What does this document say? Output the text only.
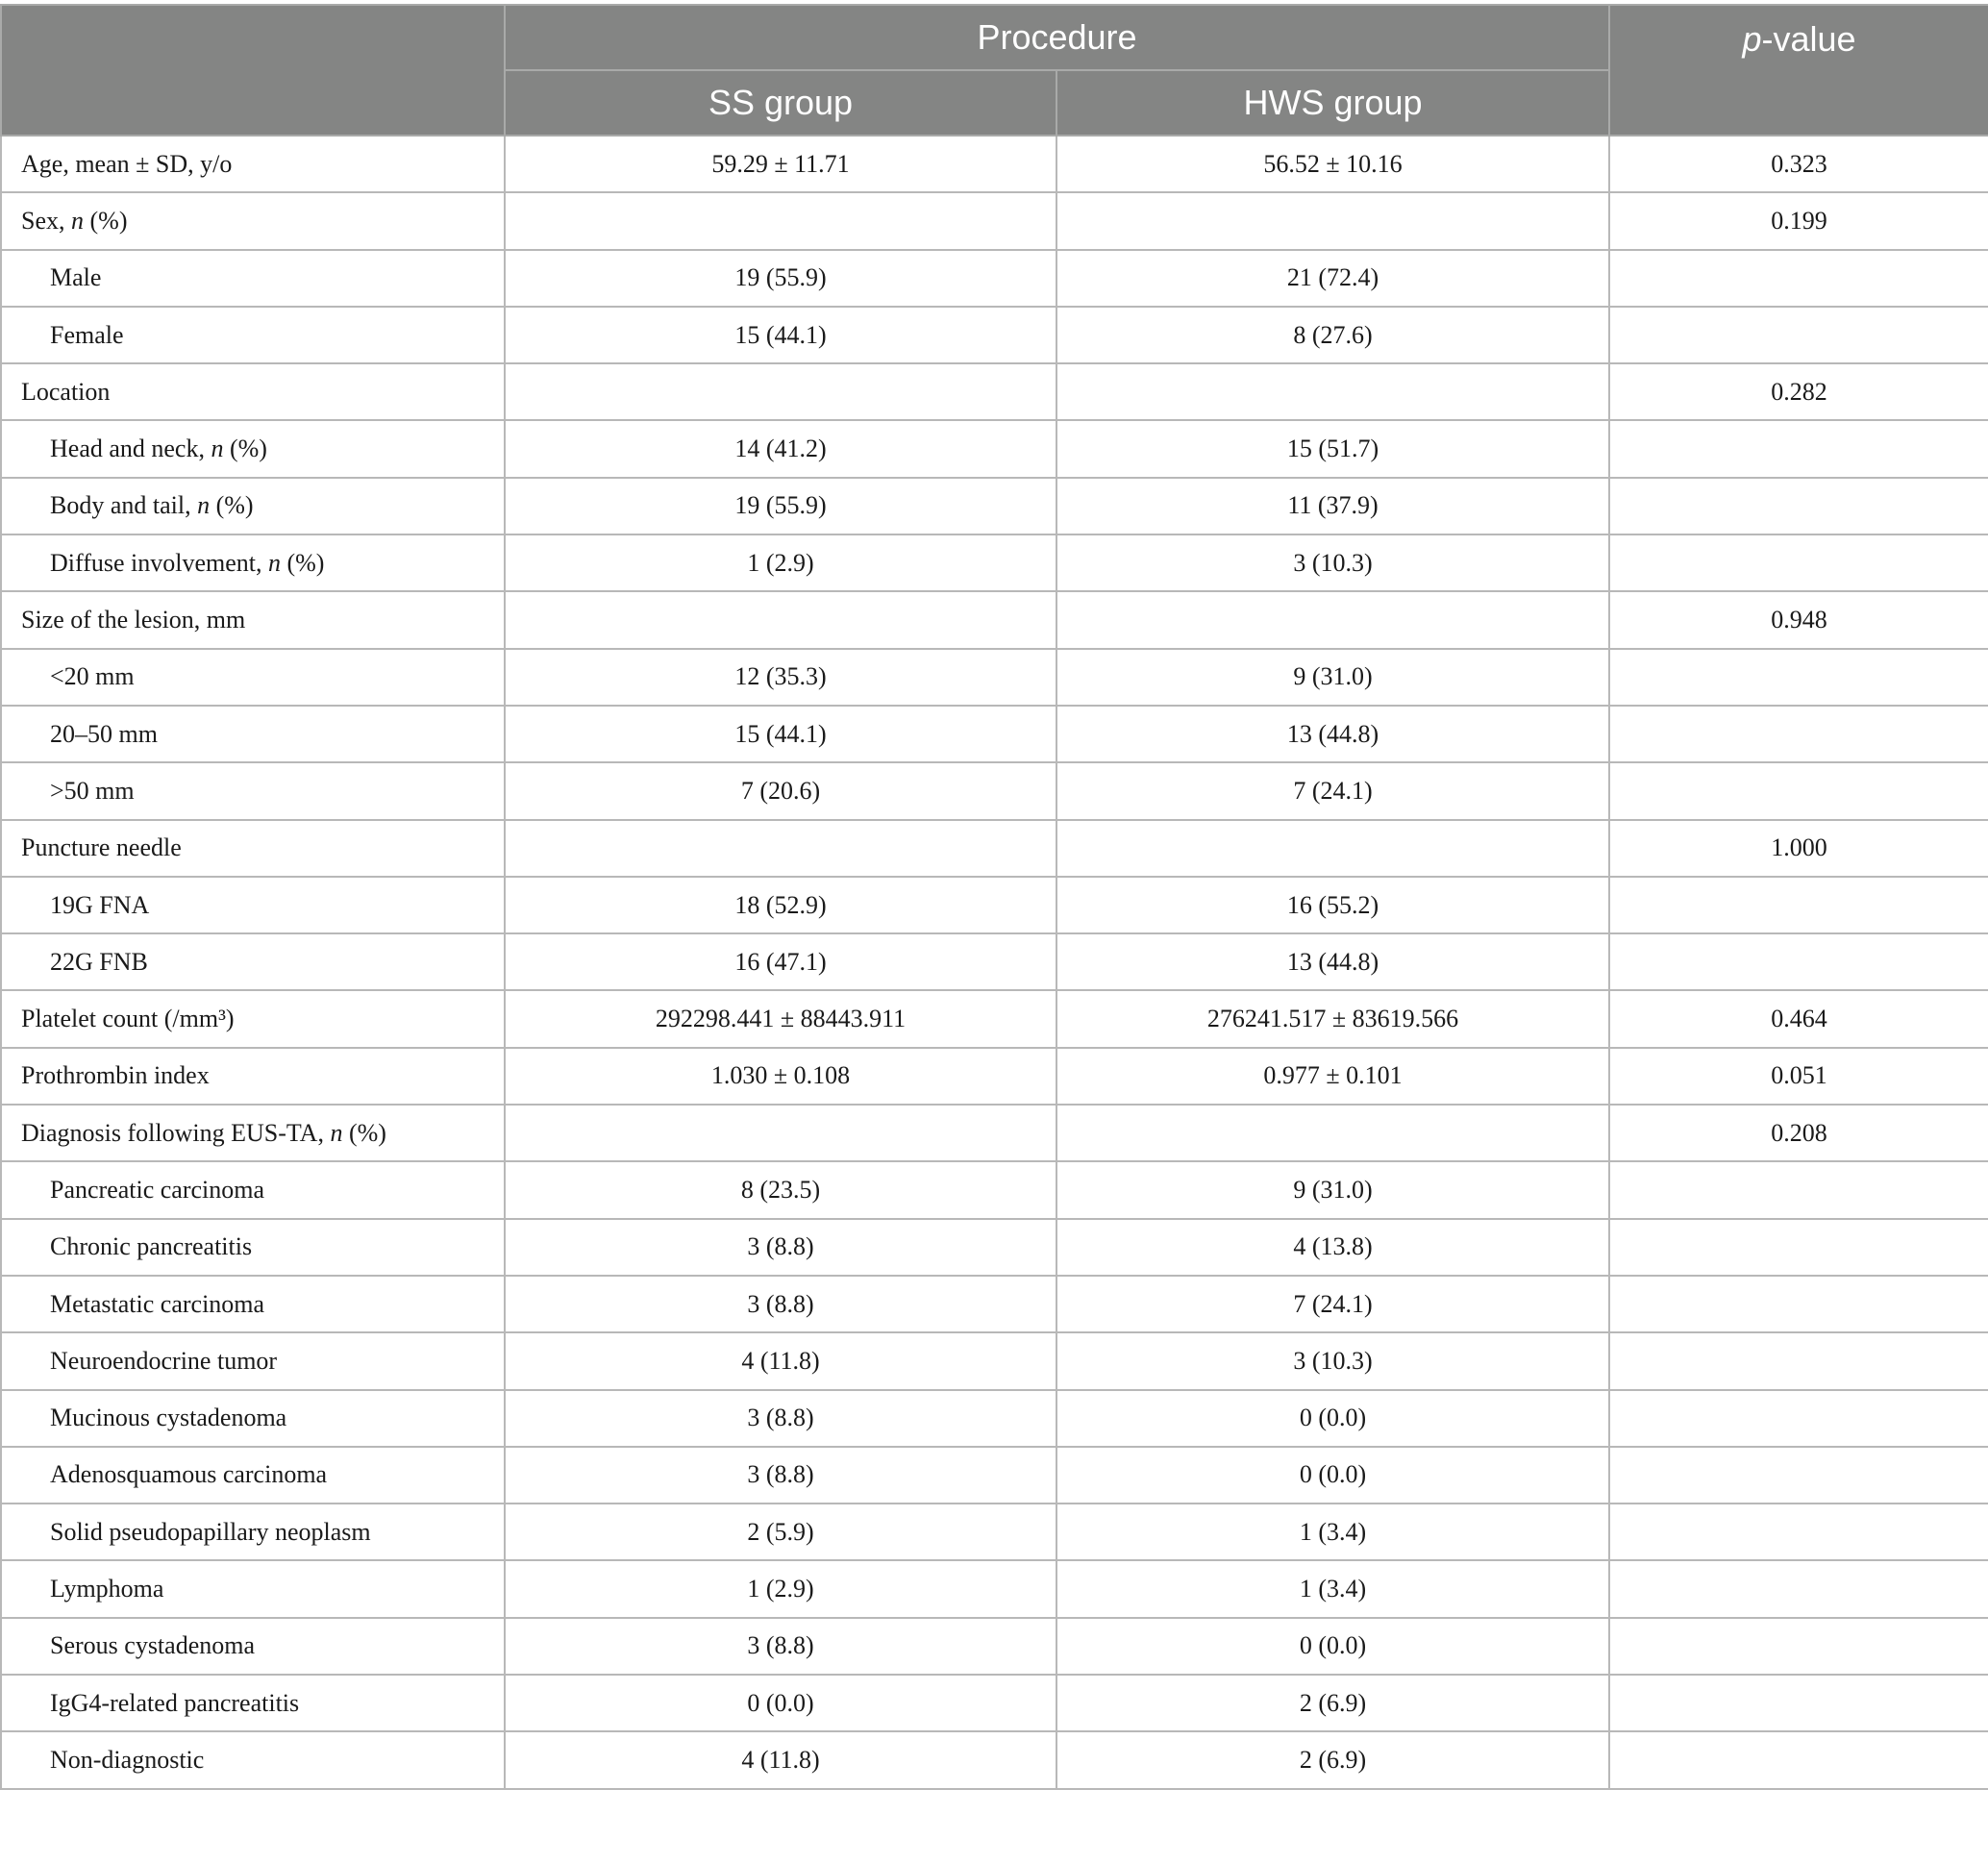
	Procedure		p-value
	SS group	HWS group	
Age, mean ± SD, y/o	59.29 ± 11.71	56.52 ± 10.16	0.323
Sex, n (%)			0.199
Male	19 (55.9)	21 (72.4)	
Female	15 (44.1)	8 (27.6)	
Location			0.282
Head and neck, n (%)	14 (41.2)	15 (51.7)	
Body and tail, n (%)	19 (55.9)	11 (37.9)	
Diffuse involvement, n (%)	1 (2.9)	3 (10.3)	
Size of the lesion, mm			0.948
<20 mm	12 (35.3)	9 (31.0)	
20–50 mm	15 (44.1)	13 (44.8)	
>50 mm	7 (20.6)	7 (24.1)	
Puncture needle			1.000
19G FNA	18 (52.9)	16 (55.2)	
22G FNB	16 (47.1)	13 (44.8)	
Platelet count (/mm³)	292298.441 ± 88443.911	276241.517 ± 83619.566	0.464
Prothrombin index	1.030 ± 0.108	0.977 ± 0.101	0.051
Diagnosis following EUS-TA, n (%)			0.208
Pancreatic carcinoma	8 (23.5)	9 (31.0)	
Chronic pancreatitis	3 (8.8)	4 (13.8)	
Metastatic carcinoma	3 (8.8)	7 (24.1)	
Neuroendocrine tumor	4 (11.8)	3 (10.3)	
Mucinous cystadenoma	3 (8.8)	0 (0.0)	
Adenosquamous carcinoma	3 (8.8)	0 (0.0)	
Solid pseudopapillary neoplasm	2 (5.9)	1 (3.4)	
Lymphoma	1 (2.9)	1 (3.4)	
Serous cystadenoma	3 (8.8)	0 (0.0)	
IgG4-related pancreatitis	0 (0.0)	2 (6.9)	
Non-diagnostic	4 (11.8)	2 (6.9)	
